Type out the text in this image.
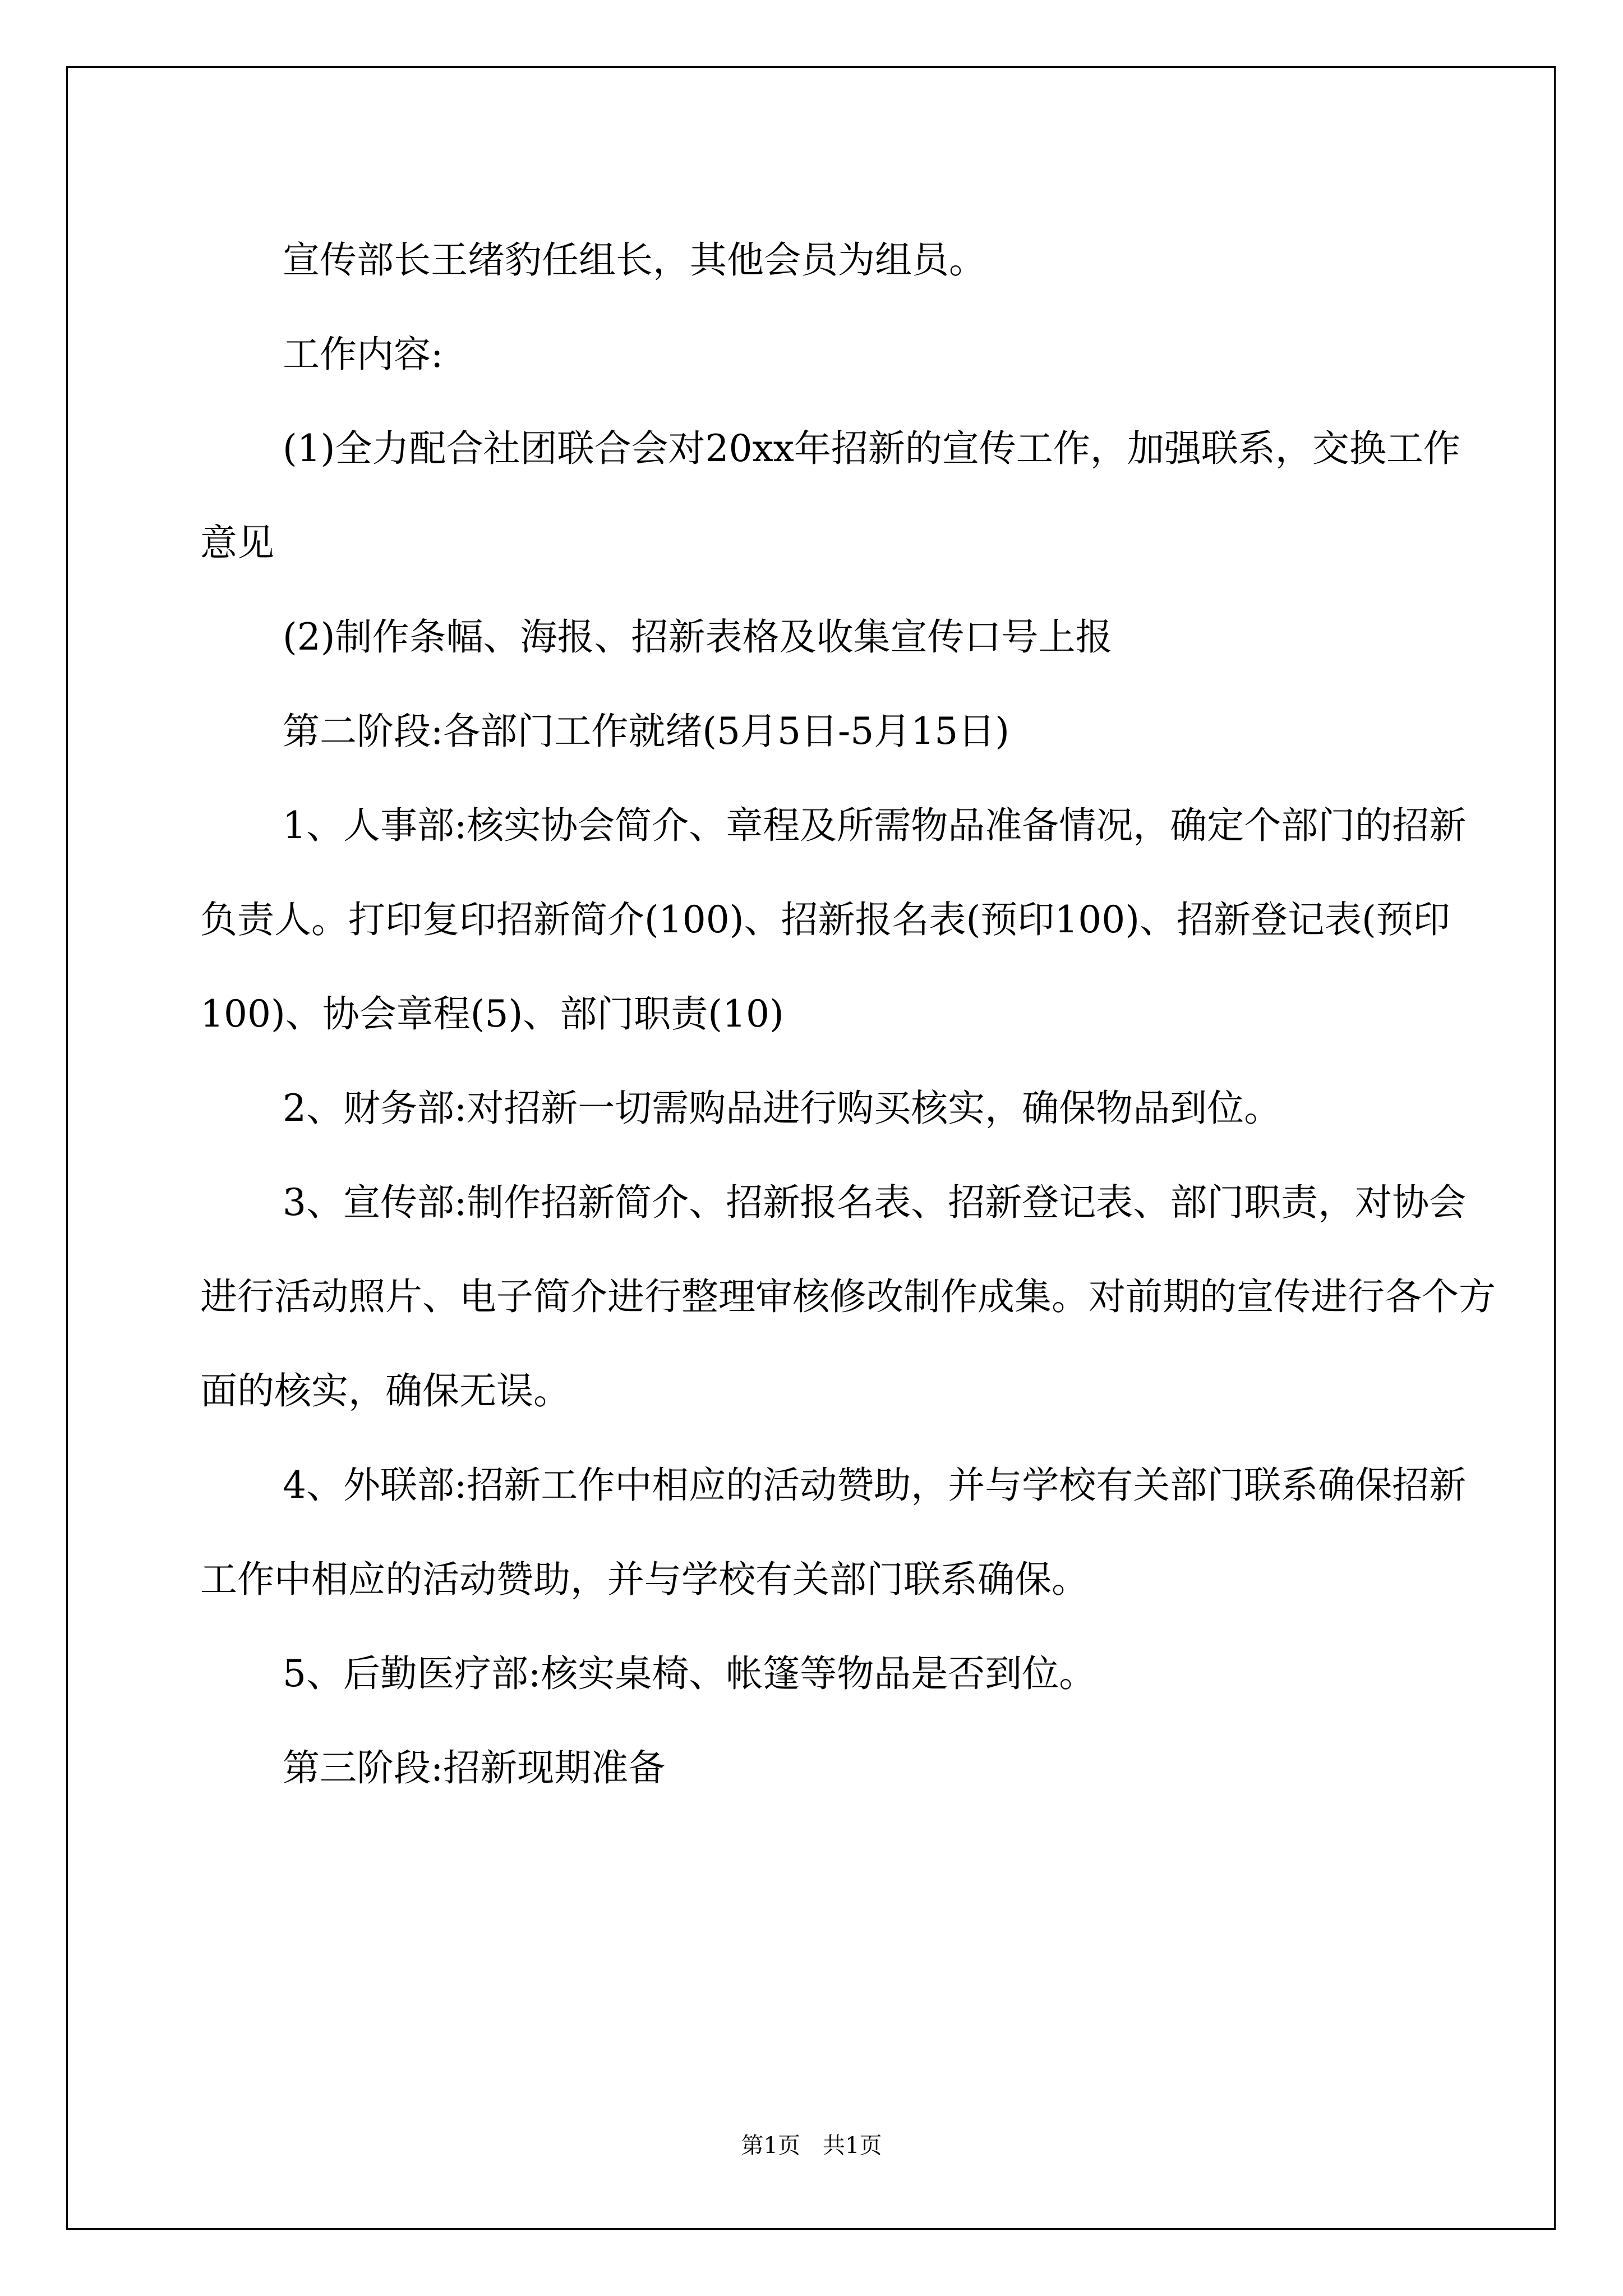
宣传部长王绪豹任组长，其他会员为组员。

工作内容:

(1)全力配合社团联合会对20xx年招新的宣传工作，加强联系，交换工作意见

(2)制作条幅、海报、招新表格及收集宣传口号上报

第二阶段:各部门工作就绪(5月5日-5月15日)

1、人事部:核实协会简介、章程及所需物品准备情况，确定个部门的招新负责人。打印复印招新简介(100)、招新报名表(预印100)、招新登记表(预印100)、协会章程(5)、部门职责(10)

2、财务部:对招新一切需购品进行购买核实，确保物品到位。

3、宣传部:制作招新简介、招新报名表、招新登记表、部门职责，对协会进行活动照片、电子简介进行整理审核修改制作成集。对前期的宣传进行各个方面的核实，确保无误。

4、外联部:招新工作中相应的活动赞助，并与学校有关部门联系确保招新工作中相应的活动赞助，并与学校有关部门联系确保。

5、后勤医疗部:核实桌椅、帐篷等物品是否到位。

第三阶段:招新现期准备

第1页　共1页
